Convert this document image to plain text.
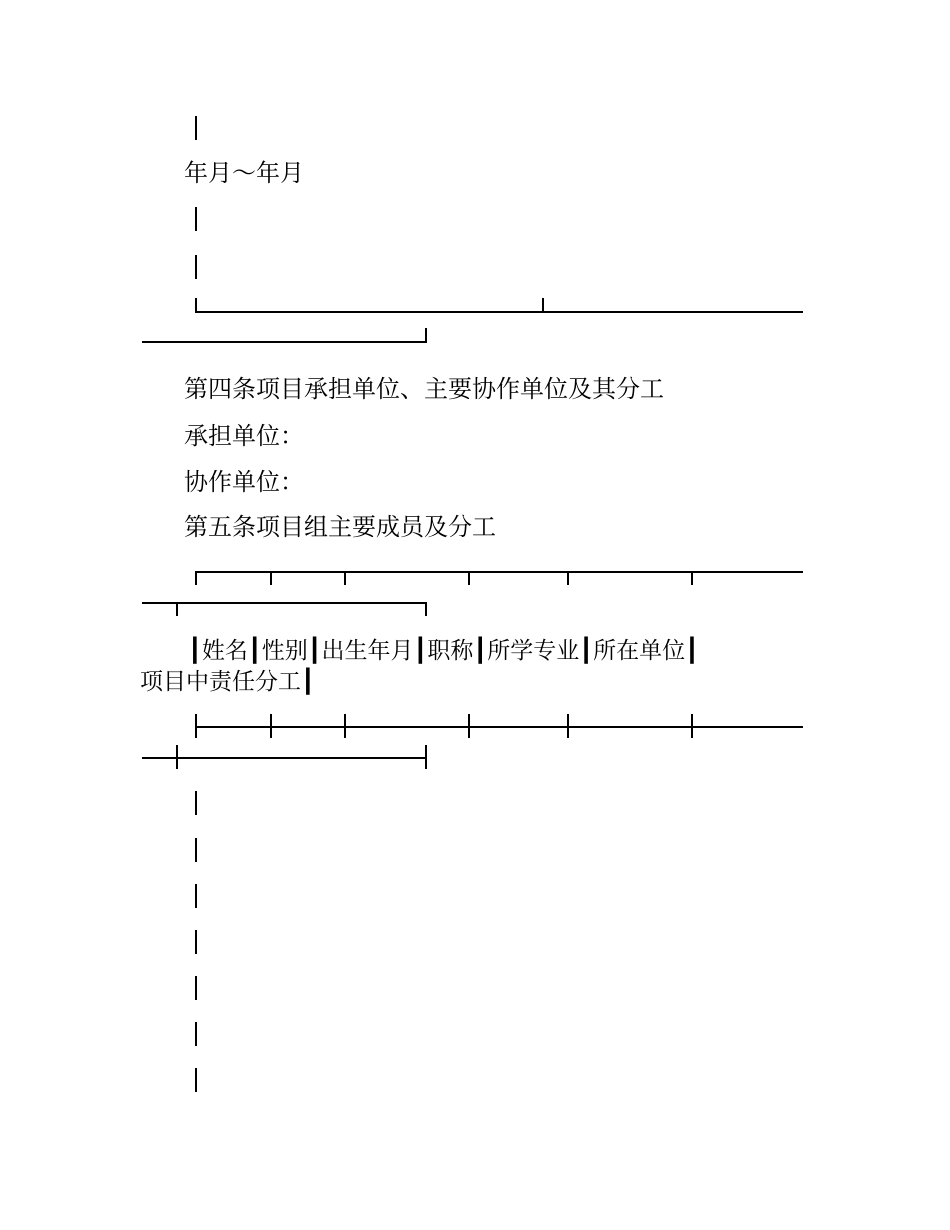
年月～年月
第四条项目承担单位、主要协作单位及其分工
承担单位：
协作单位：
第五条项目组主要成员及分工
┃姓名┃性别┃出生年月┃职称┃所学专业┃所在单位┃
项目中责任分工┃
